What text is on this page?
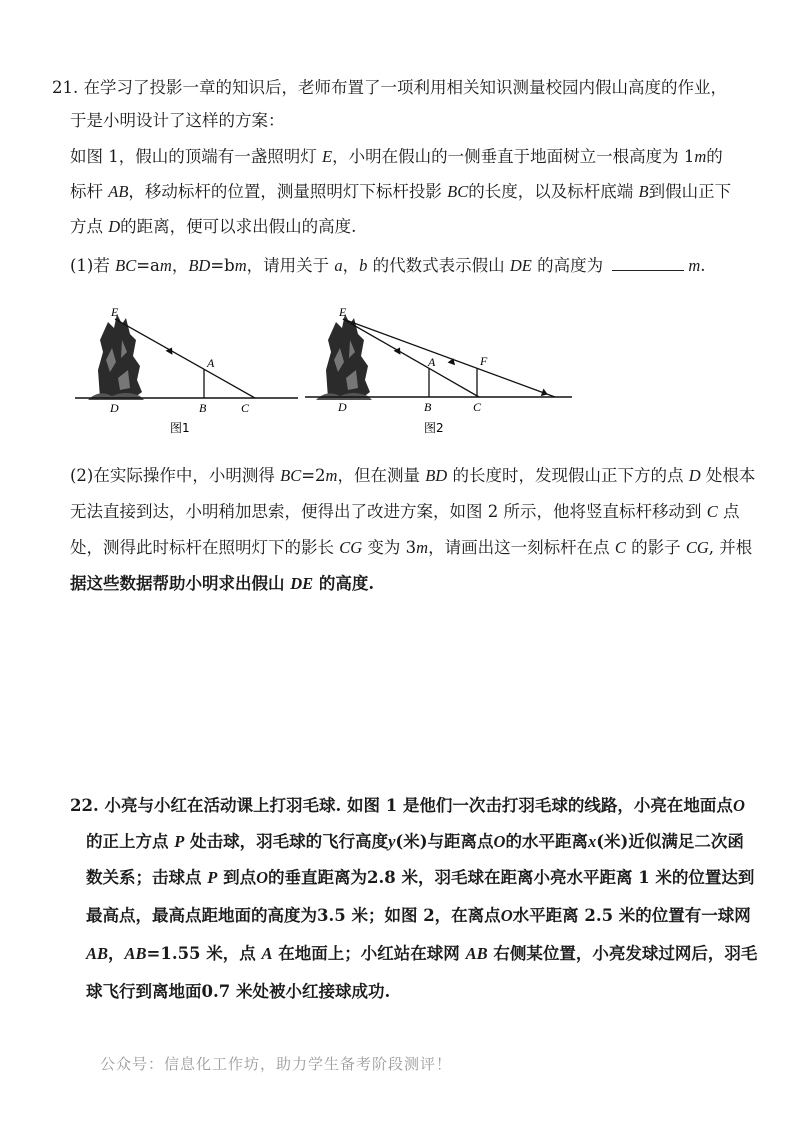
21. 在学习了投影一章的知识后，老师布置了一项利用相关知识测量校园内假山高度的作业，
于是小明设计了这样的方案：
如图 1，假山的顶端有一盏照明灯 E，小明在假山的一侧垂直于地面树立一根高度为 1m的
标杆 AB，移动标杆的位置，测量照明灯下标杆投影 BC的长度，以及标杆底端 B到假山正下
方点 D的距离，便可以求出假山的高度.
(1)若 BC=am，BD=bm，请用关于 a，b 的代数式表示假山 DE 的高度为	m.
E
A
D	B	C
图1
E
A	F
D	B	C
图2
(2)在实际操作中，小明测得 BC=2m，但在测量 BD 的长度时，发现假山正下方的点 D 处根本
无法直接到达，小明稍加思索，便得出了改进方案，如图 2 所示，他将竖直标杆移动到 C 点
处，测得此时标杆在照明灯下的影长 CG 变为 3m，请画出这一刻标杆在点 C 的影子 CG, 并根
据这些数据帮助小明求出假山 DE 的高度.
22. 小亮与小红在活动课上打羽毛球. 如图 1 是他们一次击打羽毛球的线路，小亮在地面点O
的正上方点 P 处击球，羽毛球的飞行高度y(米)与距离点O的水平距离x(米)近似满足二次函
数关系；击球点 P 到点O的垂直距离为2.8 米，羽毛球在距离小亮水平距离 1 米的位置达到
最高点，最高点距地面的高度为3.5 米；如图 2，在离点O水平距离 2.5 米的位置有一球网
AB，AB=1.55 米，点 A 在地面上；小红站在球网 AB 右侧某位置，小亮发球过网后，羽毛
球飞行到离地面0.7 米处被小红接球成功.
公众号：信息化工作坊，助力学生备考阶段测评！
